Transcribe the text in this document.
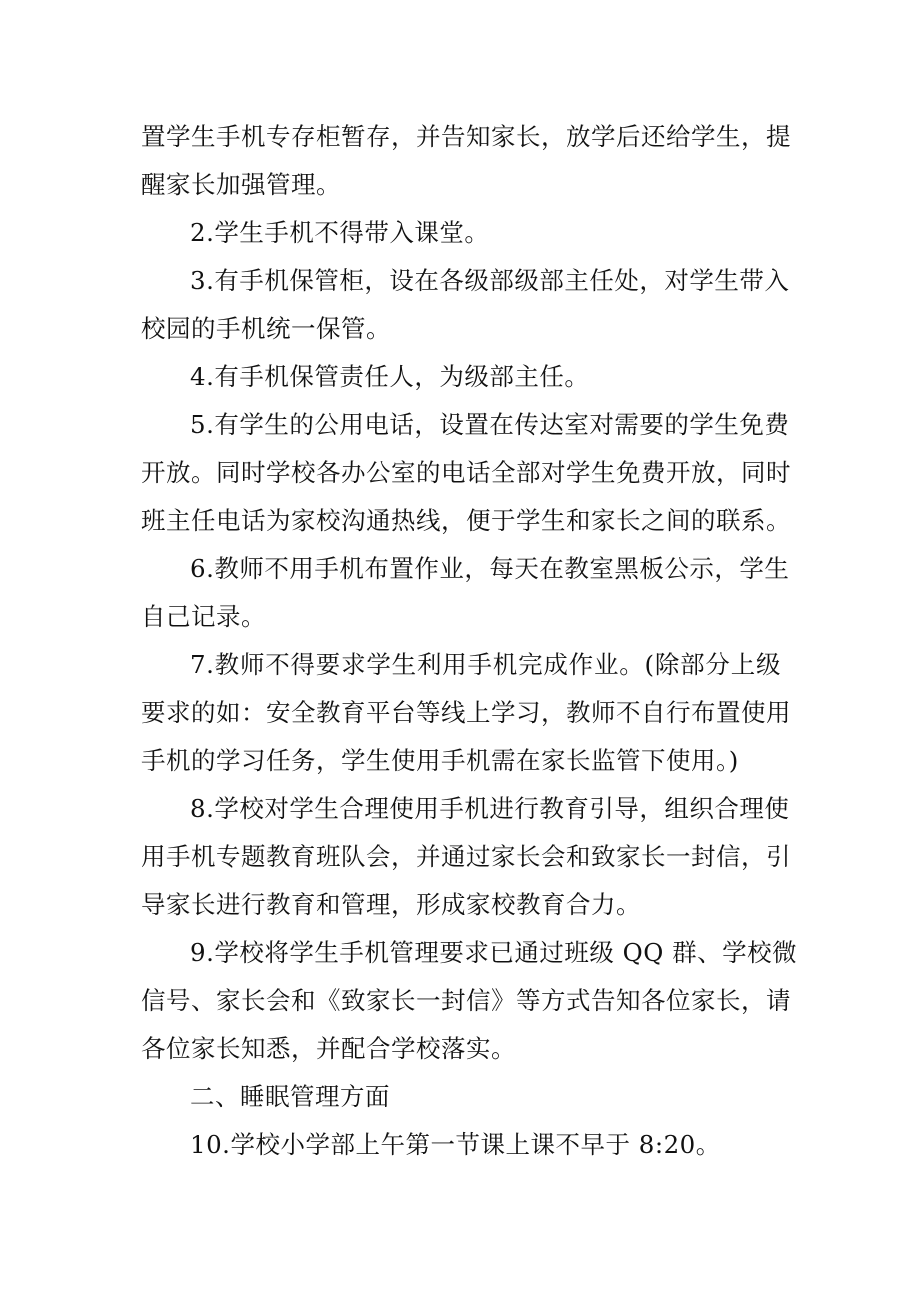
置学生手机专存柜暂存，并告知家长，放学后还给学生，提
醒家长加强管理。
2.学生手机不得带入课堂。
3.有手机保管柜，设在各级部级部主任处，对学生带入
校园的手机统一保管。
4.有手机保管责任人，为级部主任。
5.有学生的公用电话，设置在传达室对需要的学生免费
开放。同时学校各办公室的电话全部对学生免费开放，同时
班主任电话为家校沟通热线，便于学生和家长之间的联系。
6.教师不用手机布置作业，每天在教室黑板公示，学生
自己记录。
7.教师不得要求学生利用手机完成作业。(除部分上级
要求的如：安全教育平台等线上学习，教师不自行布置使用
手机的学习任务，学生使用手机需在家长监管下使用。)
8.学校对学生合理使用手机进行教育引导，组织合理使
用手机专题教育班队会，并通过家长会和致家长一封信，引
导家长进行教育和管理，形成家校教育合力。
9.学校将学生手机管理要求已通过班级 QQ 群、学校微
信号、家长会和《致家长一封信》等方式告知各位家长，请
各位家长知悉，并配合学校落实。
二、睡眠管理方面
10.学校小学部上午第一节课上课不早于 8:20。
